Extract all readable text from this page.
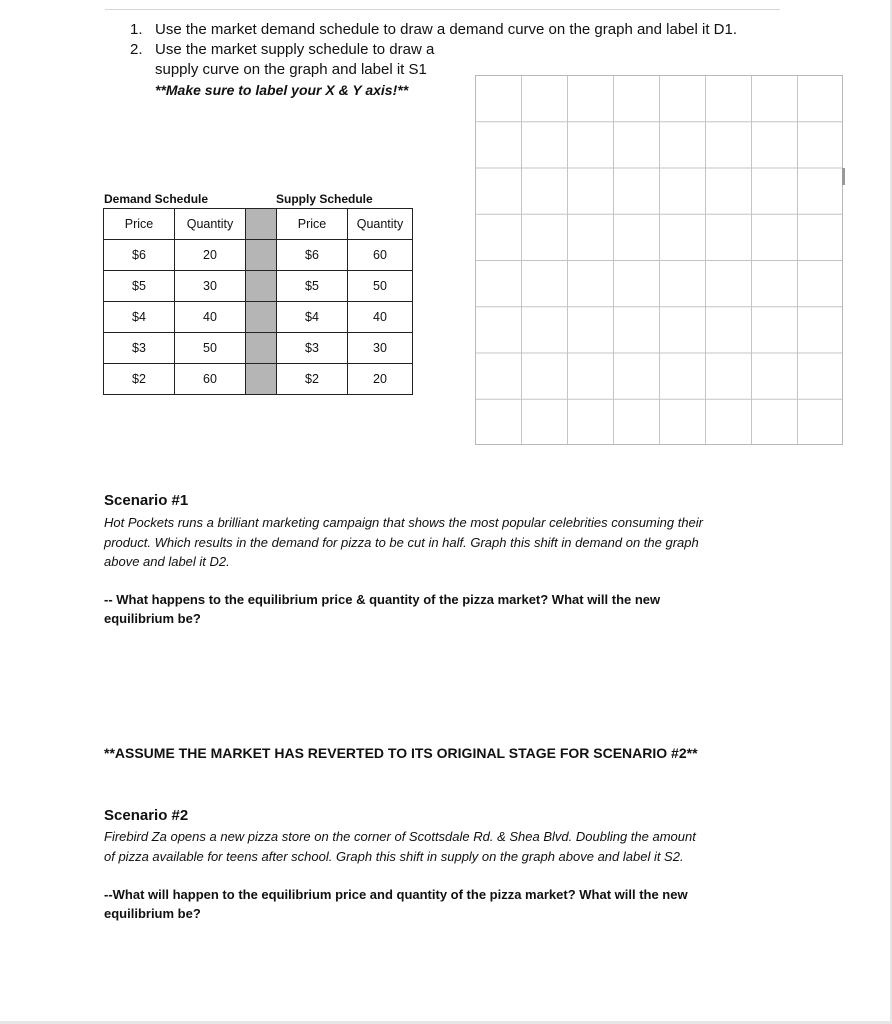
1. Use the market demand schedule to draw a demand curve on the graph and label it D1.
2. Use the market supply schedule to draw a
supply curve on the graph and label it S1
**Make sure to label your X & Y axis!**
Demand Schedule
Price	Quantity
$6	20
$5	30
$4	40
$3	50
$2	60

Supply Schedule
Price	Quantity
$6	60
$5	50
$4	40
$3	30
$2	20
Scenario #1
Hot Pockets runs a brilliant marketing campaign that shows the most popular celebrities consuming their
product. Which results in the demand for pizza to be cut in half. Graph this shift in demand on the graph
above and label it D2.
-- What happens to the equilibrium price & quantity of the pizza market? What will the new
equilibrium be?
**ASSUME THE MARKET HAS REVERTED TO ITS ORIGINAL STAGE FOR SCENARIO #2**
Scenario #2
Firebird Za opens a new pizza store on the corner of Scottsdale Rd. & Shea Blvd. Doubling the amount
of pizza available for teens after school. Graph this shift in supply on the graph above and label it S2.
--What will happen to the equilibrium price and quantity of the pizza market? What will the new
equilibrium be?
